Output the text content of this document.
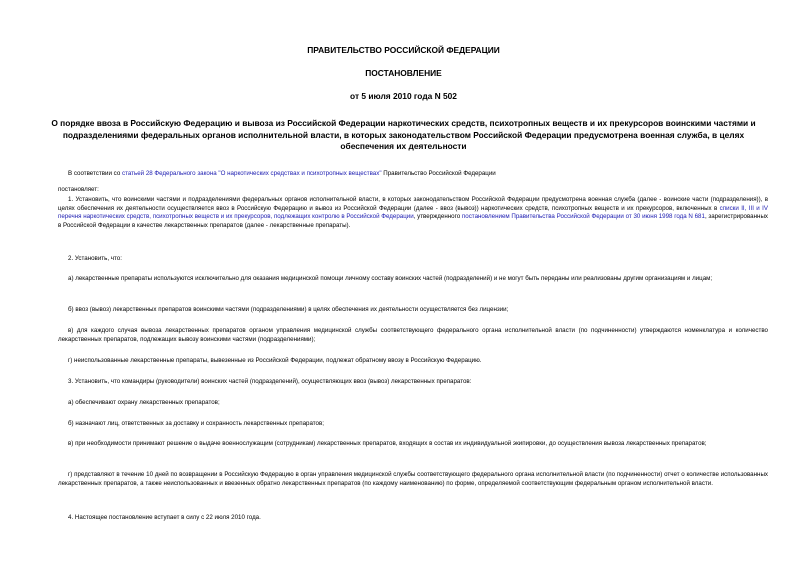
ПРАВИТЕЛЬСТВО РОССИЙСКОЙ ФЕДЕРАЦИИ
ПОСТАНОВЛЕНИЕ
от 5 июля 2010 года N 502
О порядке ввоза в Российскую Федерацию и вывоза из Российской Федерации наркотических средств, психотропных веществ и их прекурсоров воинскими частями и подразделениями федеральных органов исполнительной власти, в которых законодательством Российской Федерации предусмотрена военная служба, в целях обеспечения их деятельности
В соответствии со статьей 28 Федерального закона "О наркотических средствах и психотропных веществах" Правительство Российской Федерации
постановляет:
1. Установить, что воинскими частями и подразделениями федеральных органов исполнительной власти, в которых законодательством Российской Федерации предусмотрена военная служба (далее - воинские части (подразделения)), в целях обеспечения их деятельности осуществляется ввоз в Российскую Федерацию и вывоз из Российской Федерации (далее - ввоз (вывоз)) наркотических средств, психотропных веществ и их прекурсоров, включенных в списки II, III и IV перечня наркотических средств, психотропных веществ и их прекурсоров, подлежащих контролю в Российской Федерации, утвержденного постановлением Правительства Российской Федерации от 30 июня 1998 года N 681, зарегистрированных в Российской Федерации в качестве лекарственных препаратов (далее - лекарственные препараты).
2. Установить, что:
а) лекарственные препараты используются исключительно для оказания медицинской помощи личному составу воинских частей (подразделений) и не могут быть переданы или реализованы другим организациям и лицам;
б) ввоз (вывоз) лекарственных препаратов воинскими частями (подразделениями) в целях обеспечения их деятельности осуществляется без лицензии;
в) для каждого случая вывоза лекарственных препаратов органом управления медицинской службы соответствующего федерального органа исполнительной власти (по подчиненности) утверждаются номенклатура и количество лекарственных препаратов, подлежащих вывозу воинскими частями (подразделениями);
г) неиспользованные лекарственные препараты, вывезенные из Российской Федерации, подлежат обратному ввозу в Российскую Федерацию.
3. Установить, что командиры (руководители) воинских частей (подразделений), осуществляющих ввоз (вывоз) лекарственных препаратов:
а) обеспечивают охрану лекарственных препаратов;
б) назначают лиц, ответственных за доставку и сохранность лекарственных препаратов;
в) при необходимости принимают решение о выдаче военнослужащим (сотрудникам) лекарственных препаратов, входящих в состав их индивидуальной экипировки, до осуществления вывоза лекарственных препаратов;
г) представляют в течение 10 дней по возвращении в Российскую Федерацию в орган управления медицинской службы соответствующего федерального органа исполнительной власти (по подчиненности) отчет о количестве использованных лекарственных препаратов, а также неиспользованных и ввезенных обратно лекарственных препаратов (по каждому наименованию) по форме, определяемой соответствующим федеральным органом исполнительной власти.
4. Настоящее постановление вступает в силу с 22 июля 2010 года.
